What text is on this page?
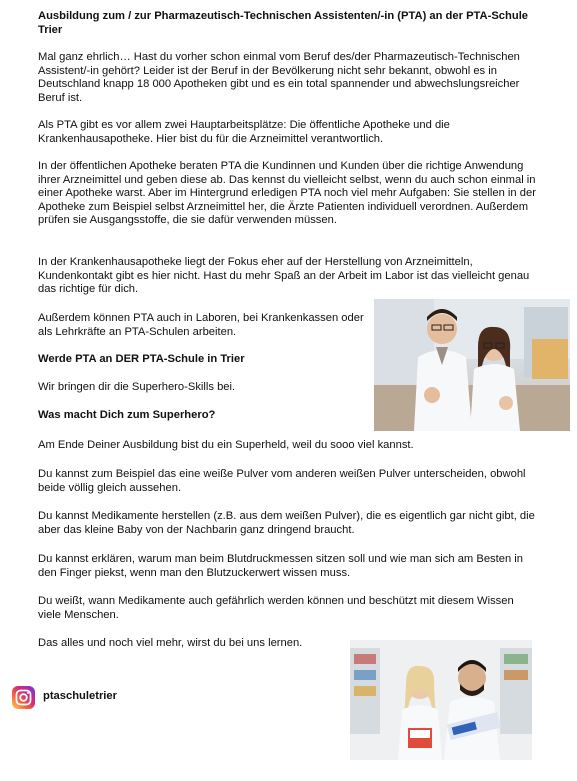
Ausbildung zum / zur Pharmazeutisch-Technischen Assistenten/-in (PTA) an der PTA-Schule Trier

Mal ganz ehrlich… Hast du vorher schon einmal vom Beruf des/der Pharmazeutisch-Technischen Assistent/-in gehört? Leider ist der Beruf in der Bevölkerung nicht sehr bekannt, obwohl es in Deutschland knapp 18 000 Apotheken gibt und es ein total spannender und abwechslungsreicher Beruf ist.

Als PTA gibt es vor allem zwei Hauptarbeitsplätze: Die öffentliche Apotheke und die Krankenhausapotheke. Hier bist du für die Arzneimittel verantwortlich.

In der öffentlichen Apotheke beraten PTA die Kundinnen und Kunden über die richtige Anwendung ihrer Arzneimittel und geben diese ab. Das kennst du vielleicht selbst, wenn du auch schon einmal in einer Apotheke warst. Aber im Hintergrund erledigen PTA noch viel mehr Aufgaben: Sie stellen in der Apotheke zum Beispiel selbst Arzneimittel her, die Ärzte Patienten individuell verordnen. Außerdem prüfen sie Ausgangsstoffe, die sie dafür verwenden müssen.

In der Krankenhausapotheke liegt der Fokus eher auf der Herstellung von Arzneimitteln, Kundenkontakt gibt es hier nicht. Hast du mehr Spaß an der Arbeit im Labor ist das vielleicht genau das richtige für dich.

Außerdem können PTA auch in Laboren, bei Krankenkassen oder als Lehrkräfte an PTA-Schulen arbeiten.

Werde PTA an DER PTA-Schule in Trier

Wir bringen dir die Superhero-Skills bei.

Was macht Dich zum Superhero?

Am Ende Deiner Ausbildung bist du ein Superheld, weil du sooo viel kannst.

Du kannst zum Beispiel das eine weiße Pulver vom anderen weißen Pulver unterscheiden, obwohl beide völlig gleich aussehen.

Du kannst Medikamente herstellen (z.B. aus dem weißen Pulver), die es eigentlich gar nicht gibt, die aber das kleine Baby von der Nachbarin ganz dringend braucht.

Du kannst erklären, warum man beim Blutdruckmessen sitzen soll und wie man sich am Besten in den Finger piekst, wenn man den Blutzuckerwert wissen muss.

Du weißt, wann Medikamente auch gefährlich werden können und beschützt mit diesem Wissen viele Menschen.

Das alles und noch viel mehr, wirst du bei uns lernen.

ptaschuletrier
